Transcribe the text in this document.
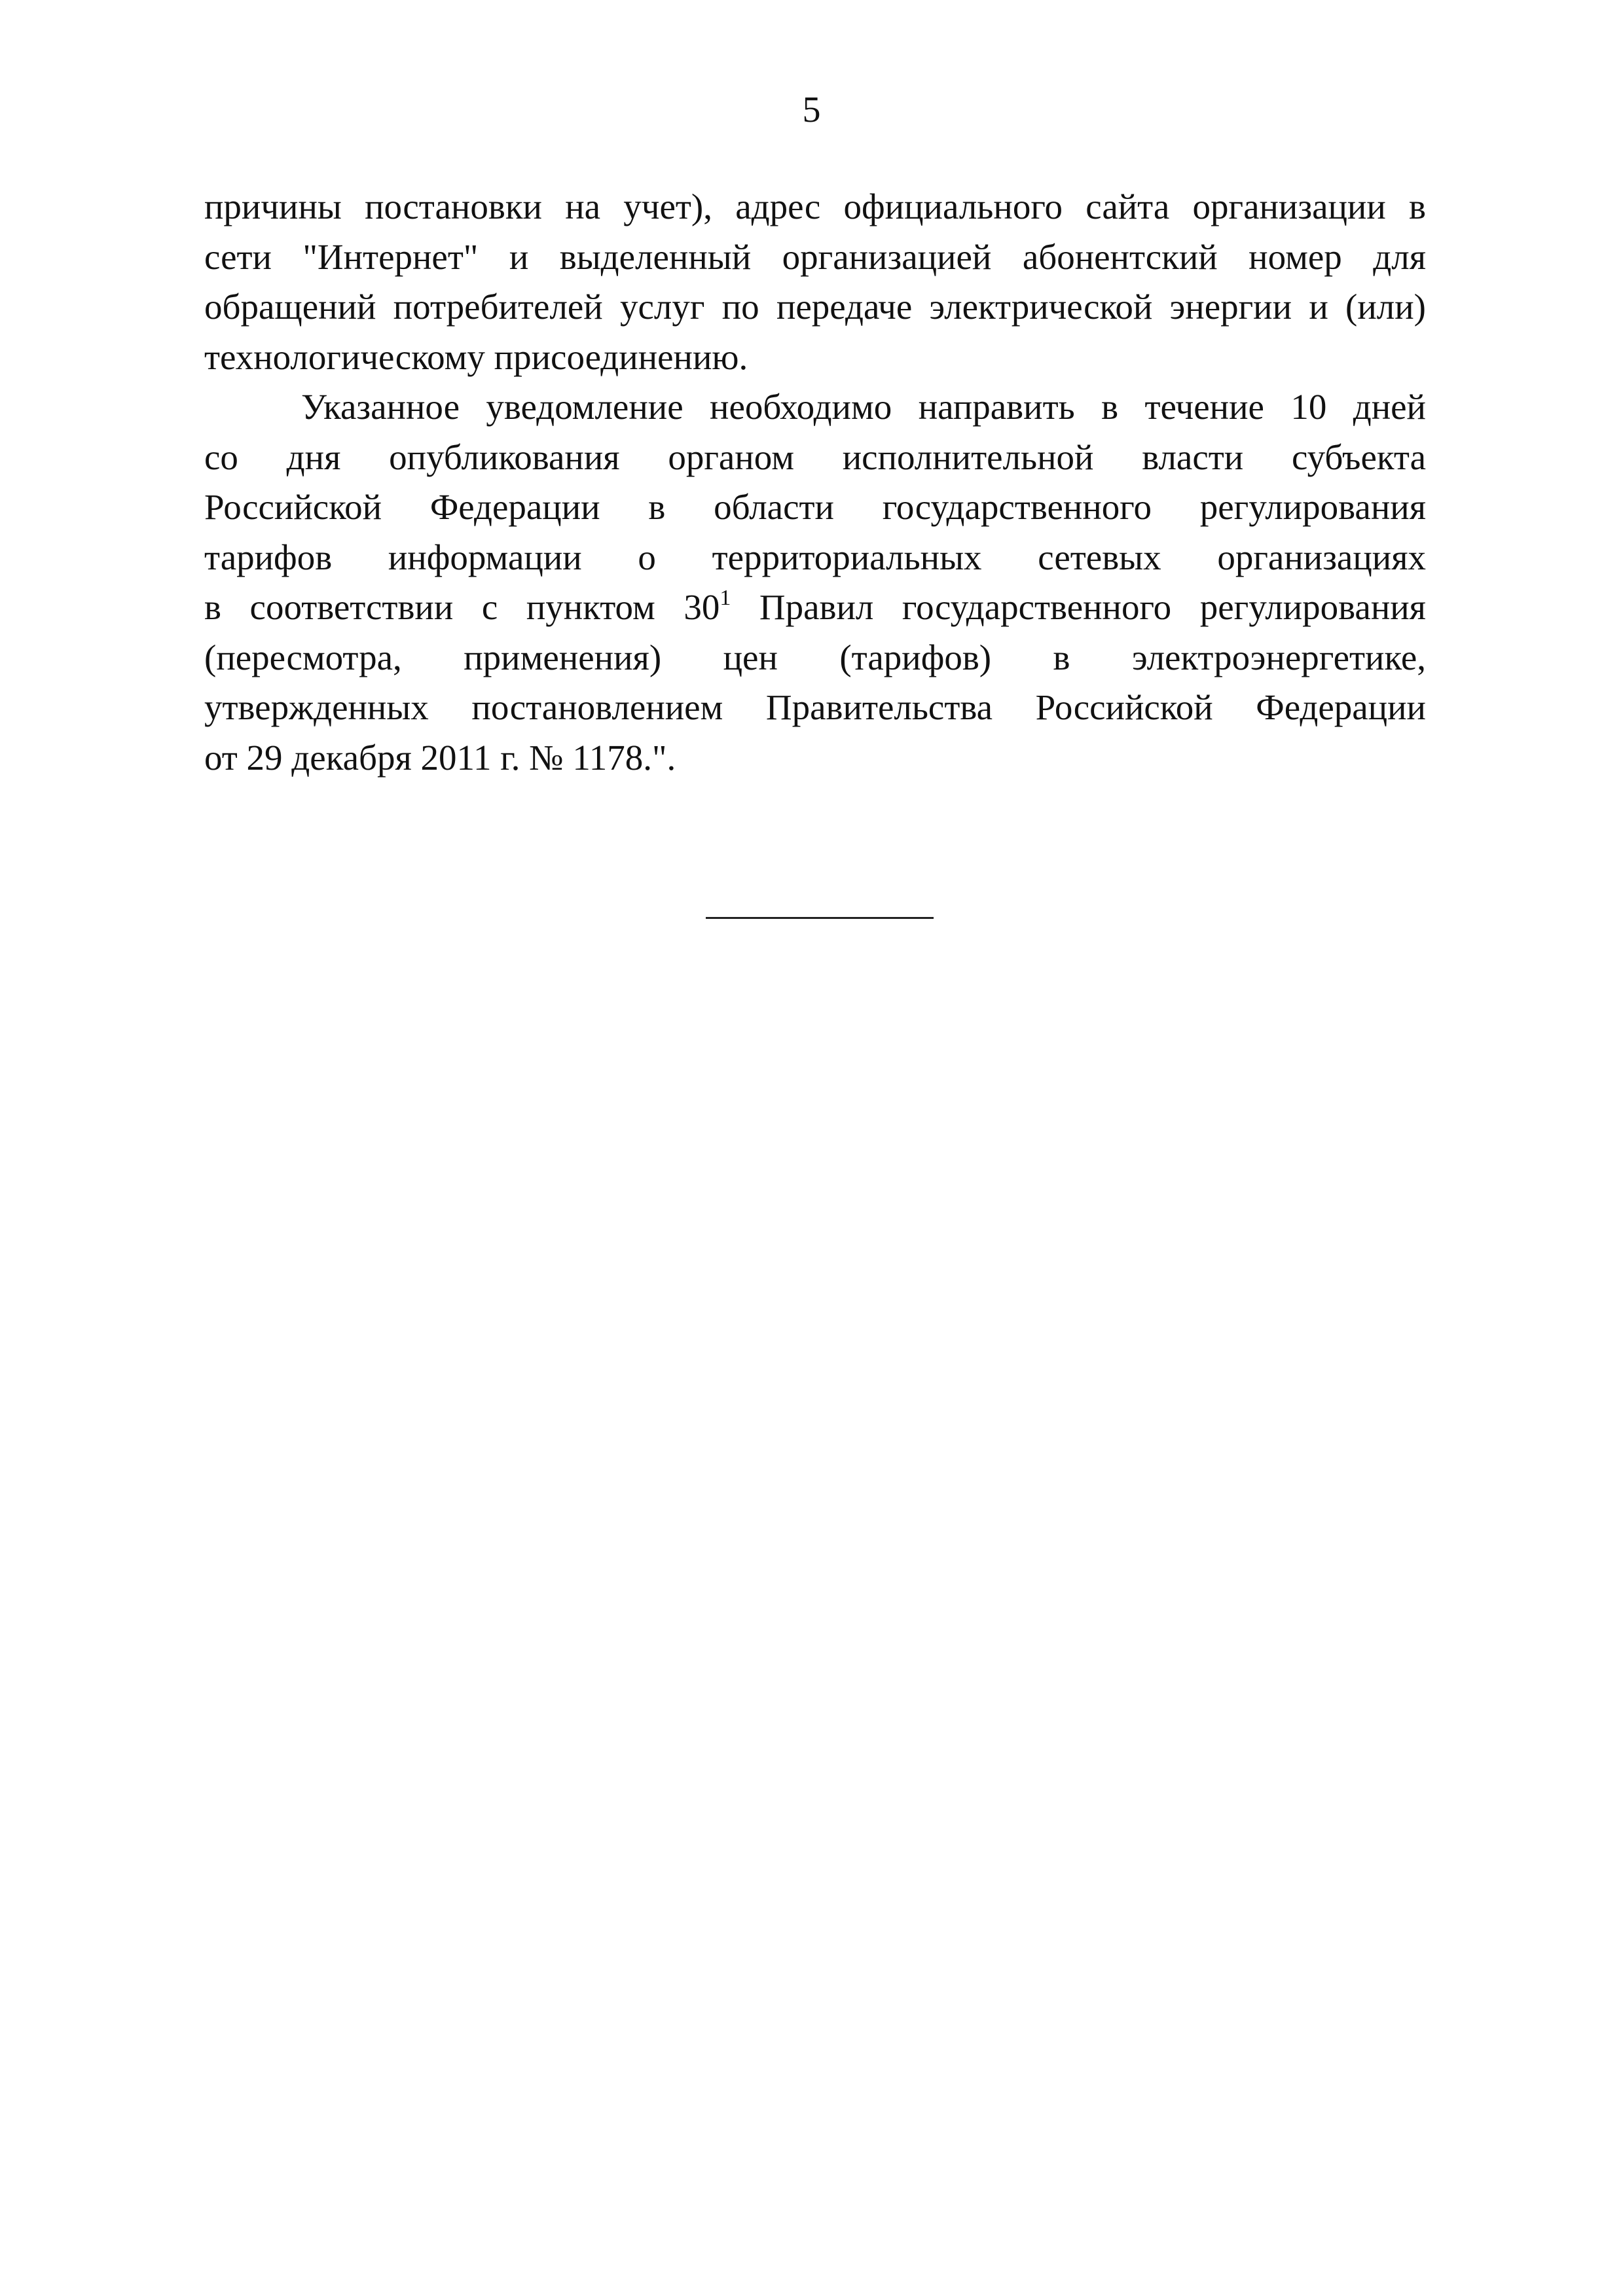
5

причины постановки на учет), адрес официального сайта организации в
сети "Интернет" и выделенный организацией абонентский номер для
обращений потребителей услуг по передаче электрической энергии и (или)
технологическому присоединению.

Указанное уведомление необходимо направить в течение 10 дней
со дня опубликования органом исполнительной власти субъекта
Российской Федерации в области государственного регулирования
тарифов информации о территориальных сетевых организациях
в соответствии с пунктом $30^1$ Правил государственного регулирования
(пересмотра, применения) цен (тарифов) в электроэнергетике,
утвержденных постановлением Правительства Российской Федерации
от 29 декабря 2011 г. № 1178.".
